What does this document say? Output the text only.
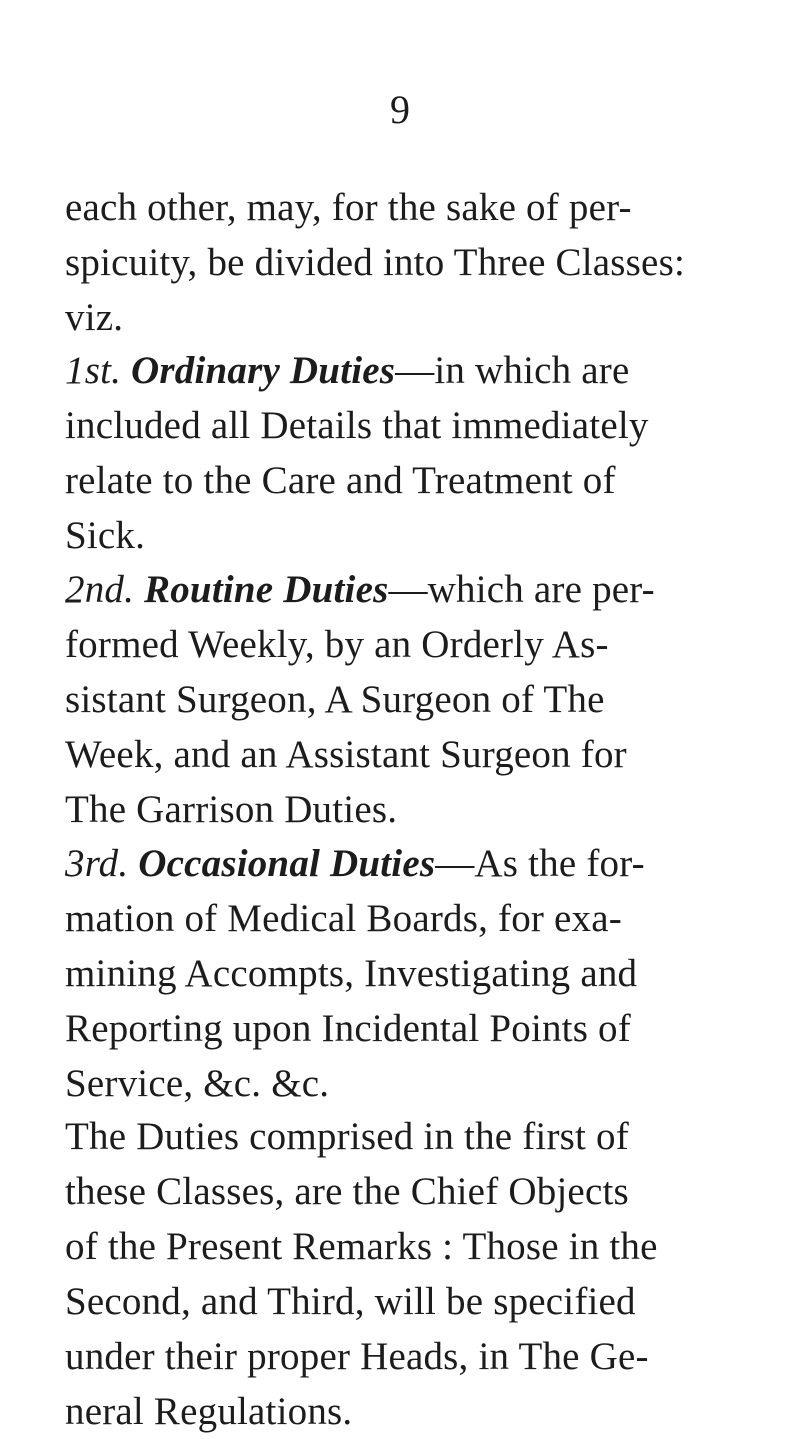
9
each other, may, for the sake of per-
spicuity, be divided into Three Classes:
viz.
1st. Ordinary Duties—in which are
included all Details that immediately
relate to the Care and Treatment of
Sick.
2nd. Routine Duties—which are per-
formed Weekly, by an Orderly As-
sistant Surgeon, A Surgeon of The
Week, and an Assistant Surgeon for
The Garrison Duties.
3rd. Occasional Duties—As the for-
mation of Medical Boards, for exa-
mining Accompts, Investigating and
Reporting upon Incidental Points of
Service, &c. &c.
The Duties comprised in the first of
these Classes, are the Chief Objects
of the Present Remarks : Those in the
Second, and Third, will be specified
under their proper Heads, in The Ge-
neral Regulations.
